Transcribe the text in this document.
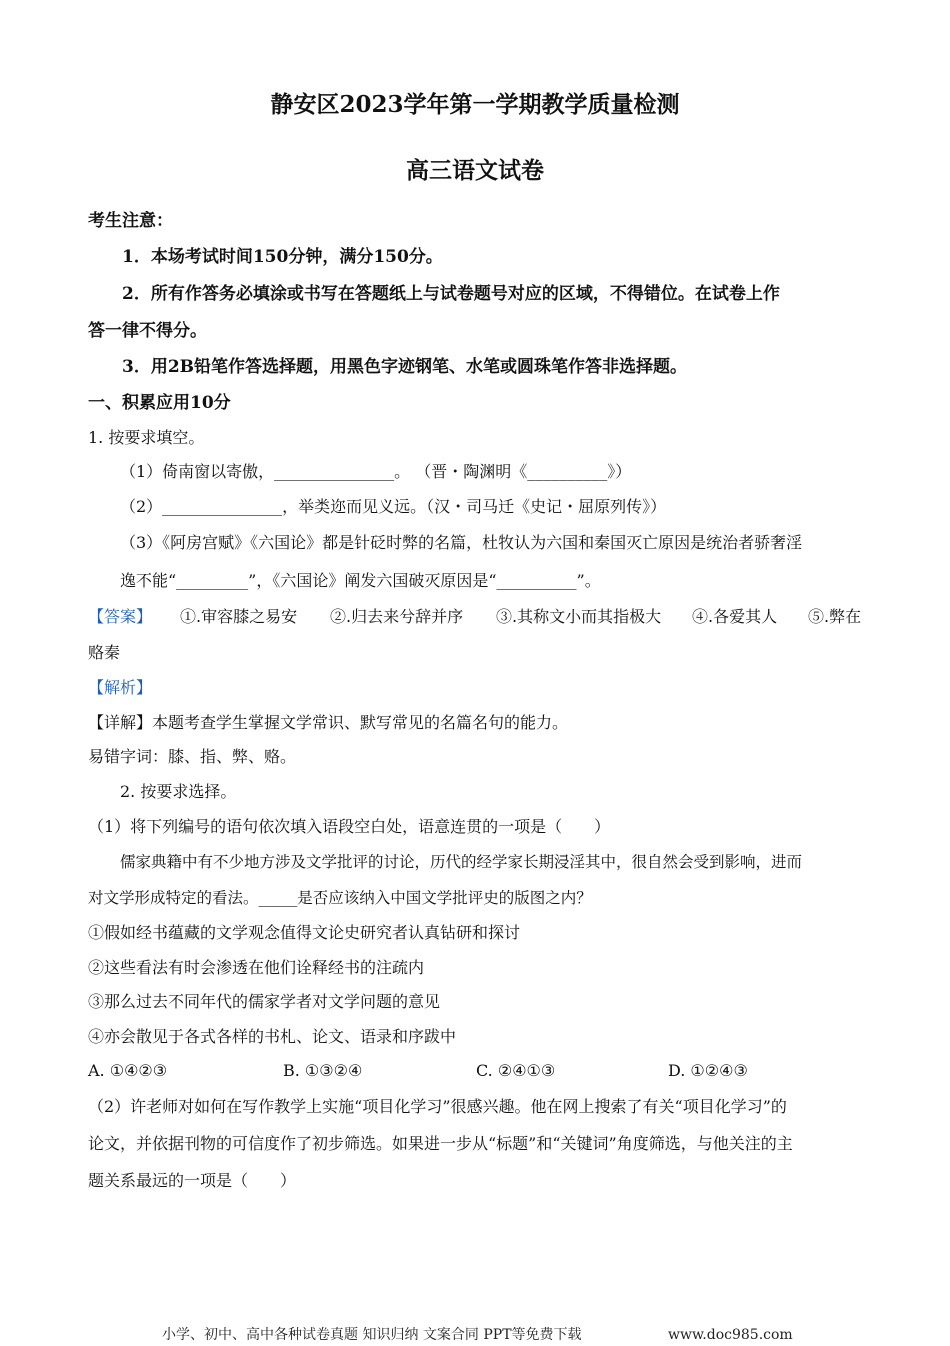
静安区2023学年第一学期教学质量检测
高三语文试卷
考生注意：
1．本场考试时间150分钟，满分150分。
2．所有作答务必填涂或书写在答题纸上与试卷题号对应的区域，不得错位。在试卷上作
答一律不得分。
3．用2B铅笔作答选择题，用黑色字迹钢笔、水笔或圆珠笔作答非选择题。
一、积累应用10分
1. 按要求填空。
（1）倚南窗以寄傲，_______________。 （晋・陶渊明《__________》）
（2）_______________，举类迩而见义远。（汉・司马迁《史记・屈原列传》）
（3）《阿房宫赋》《六国论》都是针砭时弊的名篇，杜牧认为六国和秦国灭亡原因是统治者骄奢淫
逸不能“_________”，《六国论》阐发六国破灭原因是“__________”。
【答案】 ①.审容膝之易安 ②.归去来兮辞并序 ③.其称文小而其指极大 ④.各爱其人 ⑤.弊在
赂秦
【解析】
【详解】本题考查学生掌握文学常识、默写常见的名篇名句的能力。
易错字词：膝、指、弊、赂。
2. 按要求选择。
（1）将下列编号的语句依次填入语段空白处，语意连贯的一项是（　　）
儒家典籍中有不少地方涉及文学批评的讨论，历代的经学家长期浸淫其中，很自然会受到影响，进而
对文学形成特定的看法。_____是否应该纳入中国文学批评史的版图之内？
①假如经书蕴藏的文学观念值得文论史研究者认真钻研和探讨
②这些看法有时会渗透在他们诠释经书的注疏内
③那么过去不同年代的儒家学者对文学问题的意见
④亦会散见于各式各样的书札、论文、语录和序跋中
A. ①④②③	B. ①③②④	C. ②④①③	D. ①②④③
（2）许老师对如何在写作教学上实施“项目化学习”很感兴趣。他在网上搜索了有关“项目化学习”的
论文，并依据刊物的可信度作了初步筛选。如果进一步从“标题”和“关键词”角度筛选，与他关注的主
题关系最远的一项是（　　）
小学、初中、高中各种试卷真题 知识归纳 文案合同 PPT等免费下载	www.doc985.com
